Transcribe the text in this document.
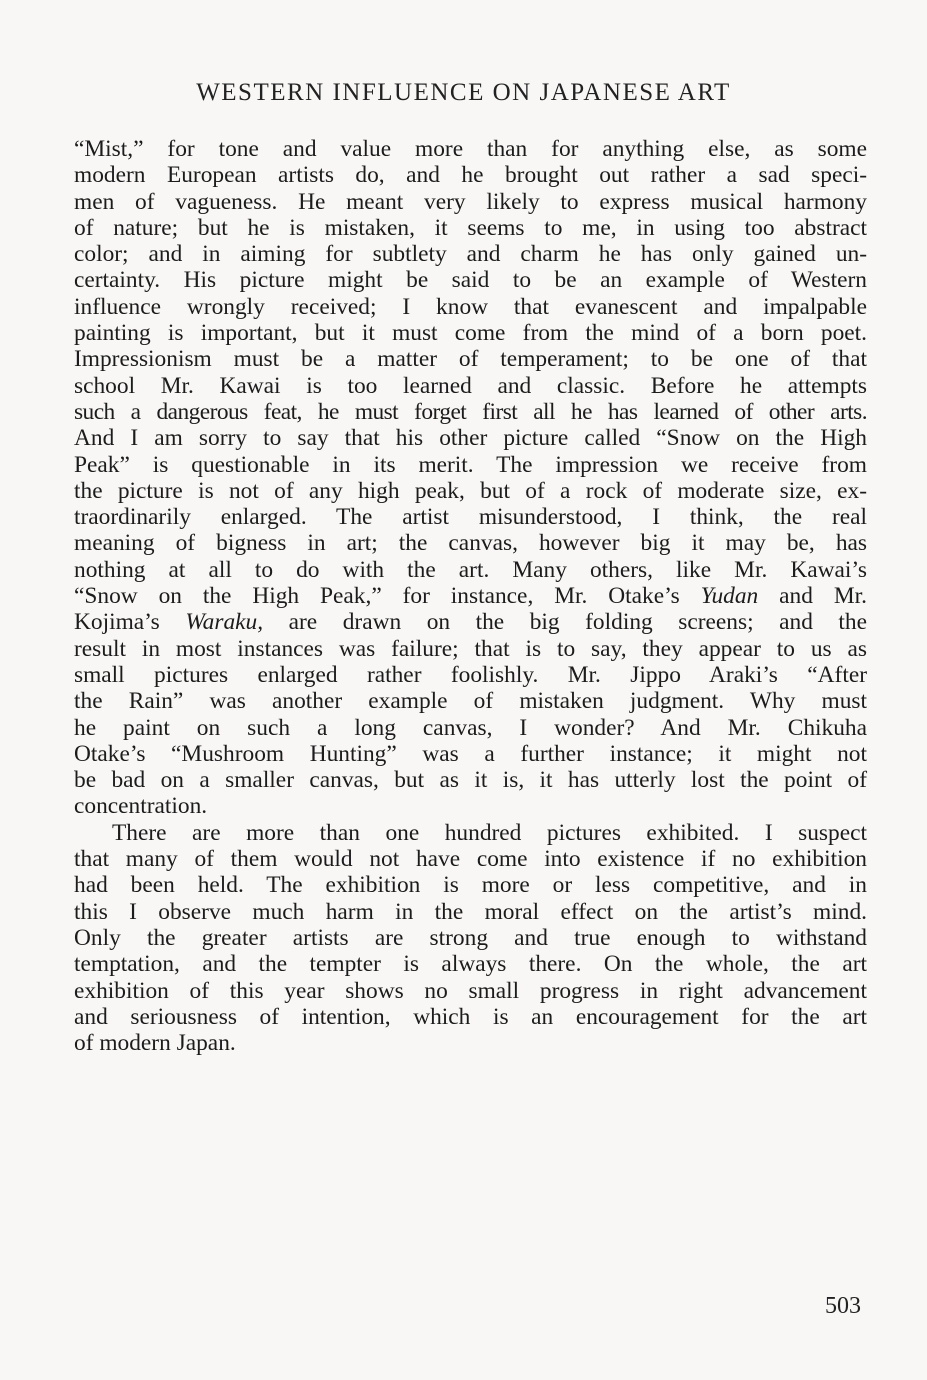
WESTERN INFLUENCE ON JAPANESE ART
“Mist,” for tone and value more than for anything else, as some
modern European artists do, and he brought out rather a sad speci-
men of vagueness. He meant very likely to express musical harmony
of nature; but he is mistaken, it seems to me, in using too abstract
color; and in aiming for subtlety and charm he has only gained un-
certainty. His picture might be said to be an example of Western
influence wrongly received; I know that evanescent and impalpable
painting is important, but it must come from the mind of a born poet.
Impressionism must be a matter of temperament; to be one of that
school Mr. Kawai is too learned and classic. Before he attempts
such a dangerous feat, he must forget first all he has learned of other arts.
And I am sorry to say that his other picture called “Snow on the High
Peak” is questionable in its merit. The impression we receive from
the picture is not of any high peak, but of a rock of moderate size, ex-
traordinarily enlarged. The artist misunderstood, I think, the real
meaning of bigness in art; the canvas, however big it may be, has
nothing at all to do with the art. Many others, like Mr. Kawai’s
“Snow on the High Peak,” for instance, Mr. Otake’s Yudan and Mr.
Kojima’s Waraku, are drawn on the big folding screens; and the
result in most instances was failure; that is to say, they appear to us as
small pictures enlarged rather foolishly. Mr. Jippo Araki’s “After
the Rain” was another example of mistaken judgment. Why must
he paint on such a long canvas, I wonder? And Mr. Chikuha
Otake’s “Mushroom Hunting” was a further instance; it might not
be bad on a smaller canvas, but as it is, it has utterly lost the point of
concentration.
There are more than one hundred pictures exhibited. I suspect
that many of them would not have come into existence if no exhibition
had been held. The exhibition is more or less competitive, and in
this I observe much harm in the moral effect on the artist’s mind.
Only the greater artists are strong and true enough to withstand
temptation, and the tempter is always there. On the whole, the art
exhibition of this year shows no small progress in right advancement
and seriousness of intention, which is an encouragement for the art
of modern Japan.
503
